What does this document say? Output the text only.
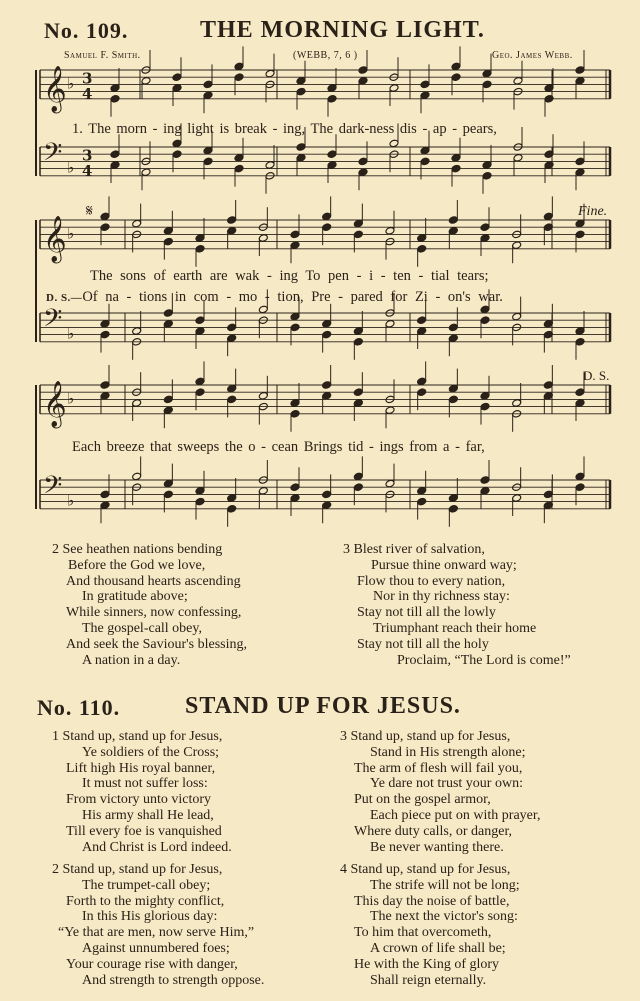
No. 109.	THE MORNING LIGHT.
Samuel F. Smith.	(WEBB, 7, 6 )	Geo. James Webb.
𝄞 ♭ 3
4
𝄢 ♭
3
4
𝄞 ♭
𝄢 ♭
𝄞 ♭
𝄢 ♭
𝄋
1. The morn - ing light is break - ing, The dark-ness dis - ap - pears,
The sons of earth are wak - ing To pen - i - ten - tial tears;
D. S.—Of na - tions in com - mo - tion, Pre - pared for Zi - on's war.
Each breeze that sweeps the o - cean Brings tid - ings from a - far,
Fine.
D. S.
2 See heathen nations bending
Before the God we love,
And thousand hearts ascending
In gratitude above;
While sinners, now confessing,
The gospel-call obey,
And seek the Saviour's blessing,
A nation in a day.
3 Blest river of salvation,
Pursue thine onward way;
Flow thou to every nation,
Nor in thy richness stay:
Stay not till all the lowly
Triumphant reach their home
Stay not till all the holy
Proclaim, “The Lord is come!”
No. 110.	STAND UP FOR JESUS.
1 Stand up, stand up for Jesus,
Ye soldiers of the Cross;
Lift high His royal banner,
It must not suffer loss:
From victory unto victory
His army shall He lead,
Till every foe is vanquished
And Christ is Lord indeed.
3 Stand up, stand up for Jesus,
Stand in His strength alone;
The arm of flesh will fail you,
Ye dare not trust your own:
Put on the gospel armor,
Each piece put on with prayer,
Where duty calls, or danger,
Be never wanting there.
2 Stand up, stand up for Jesus,
The trumpet-call obey;
Forth to the mighty conflict,
In this His glorious day:
“Ye that are men, now serve Him,”
Against unnumbered foes;
Your courage rise with danger,
And strength to strength oppose.
4 Stand up, stand up for Jesus,
The strife will not be long;
This day the noise of battle,
The next the victor's song:
To him that overcometh,
A crown of life shall be;
He with the King of glory
Shall reign eternally.
